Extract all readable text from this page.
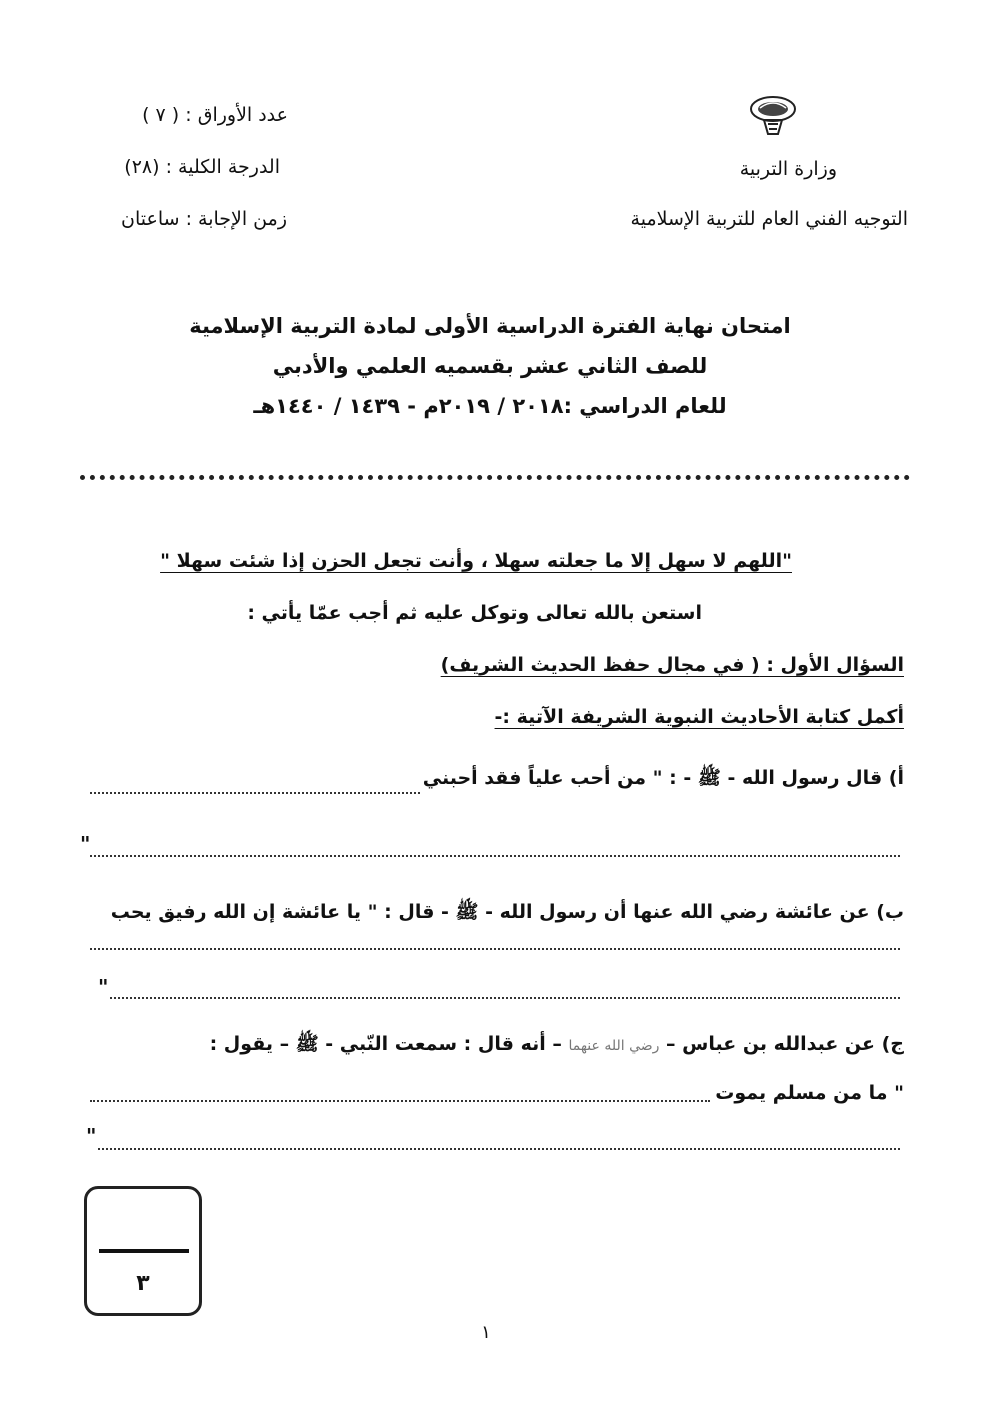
وزارة التربية
التوجيه الفني العام للتربية الإسلامية
عدد الأوراق : ( ٧ )
الدرجة الكلية : (٢٨)
زمن الإجابة : ساعتان
امتحان نهاية الفترة الدراسية الأولى لمادة التربية الإسلامية
للصف الثاني عشر بقسميه العلمي والأدبي
للعام الدراسي :٢٠١٨ / ٢٠١٩م - ١٤٣٩ / ١٤٤٠هـ
"اللهم لا سهل إلا ما جعلته سهلا ، وأنت تجعل الحزن إذا شئت سهلا "
استعن بالله تعالى وتوكل عليه ثم أجب عمّا يأتي :
السؤال الأول : ( في مجال حفظ الحديث الشريف)
أكمل كتابة الأحاديث النبوية الشريفة الآتية :-
أ) قال رسول الله - ﷺ - : " من أحب علياً فقد أحبني
"
ب) عن عائشة رضي الله عنها أن رسول الله - ﷺ - قال : " يا عائشة إن الله رفيق يحب
"
ج) عن عبدالله بن عباس – رضي الله عنهما – أنه قال : سمعت النّبي - ﷺ – يقول :
" ما من مسلم يموت
"
٣
١
